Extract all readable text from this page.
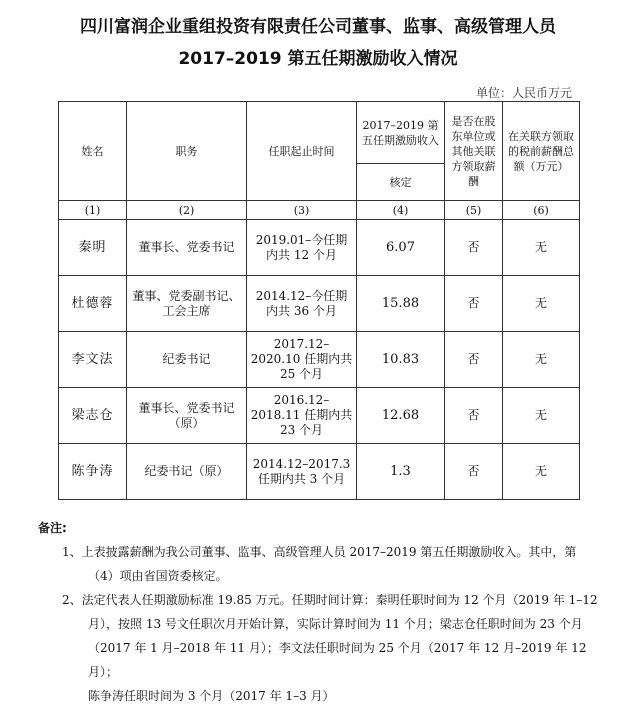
四川富润企业重组投资有限责任公司董事、监事、高级管理人员
2017–2019 第五任期激励收入情况
单位：人民币万元
姓名	职务	任职起止时间	2017–2019 第五任期激励收入	是否在股东单位或其他关联方领取薪酬	在关联方领取的税前薪酬总额（万元）
			核定		
(1)	(2)	(3)	(4)	(5)	(6)
秦明	董事长、党委书记	2019.01–今任期内共 12 个月	6.07	否	无
杜德蓉	董事、党委副书记、工会主席	2014.12–今任期内共 36 个月	15.88	否	无
李文法	纪委书记	2017.12–2020.10 任期内共 25 个月	10.83	否	无
梁志仓	董事长、党委书记（原）	2016.12–2018.11 任期内共 23 个月	12.68	否	无
陈争涛	纪委书记（原）	2014.12–2017.3 任期内共 3 个月	1.3	否	无

备注:

1、上表披露薪酬为我公司董事、监事、高级管理人员 2017–2019 第五任期激励收入。其中，第

（4）项由省国资委核定。

2、法定代表人任期激励标准 19.85 万元。任期时间计算：秦明任职时间为 12 个月（2019 年 1–12

月），按照 13 号文任职次月开始计算，实际计算时间为 11 个月；梁志仓任职时间为 23 个月

（2017 年 1 月–2018 年 11 月）；李文法任职时间为 25 个月（2017 年 12 月–2019 年 12 月）；

陈争涛任职时间为 3 个月（2017 年 1–3 月）
